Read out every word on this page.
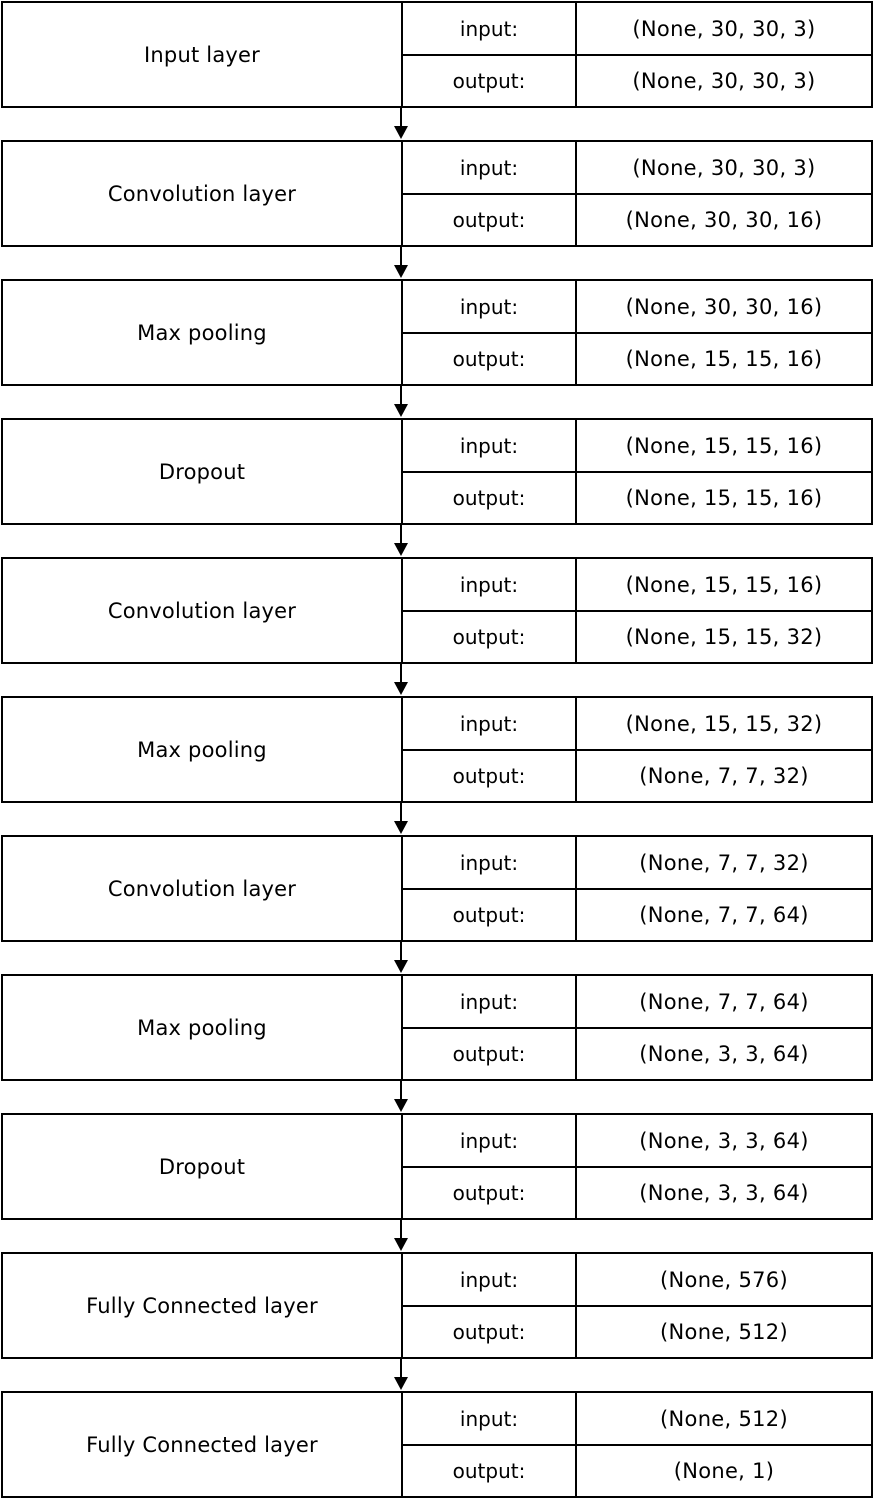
Input layer
input:	(None, 30, 30, 3)
output:	(None, 30, 30, 3)
Convolution layer
input:	(None, 30, 30, 3)
output:	(None, 30, 30, 16)
Max pooling
input:	(None, 30, 30, 16)
output:	(None, 15, 15, 16)
Dropout
input:	(None, 15, 15, 16)
output:	(None, 15, 15, 16)
Convolution layer
input:	(None, 15, 15, 16)
output:	(None, 15, 15, 32)
Max pooling
input:	(None, 15, 15, 32)
output:	(None, 7, 7, 32)
Convolution layer
input:	(None, 7, 7, 32)
output:	(None, 7, 7, 64)
Max pooling
input:	(None, 7, 7, 64)
output:	(None, 3, 3, 64)
Dropout
input:	(None, 3, 3, 64)
output:	(None, 3, 3, 64)
Fully Connected layer
input:	(None, 576)
output:	(None, 512)
Fully Connected layer
input:	(None, 512)
output:	(None, 1)
